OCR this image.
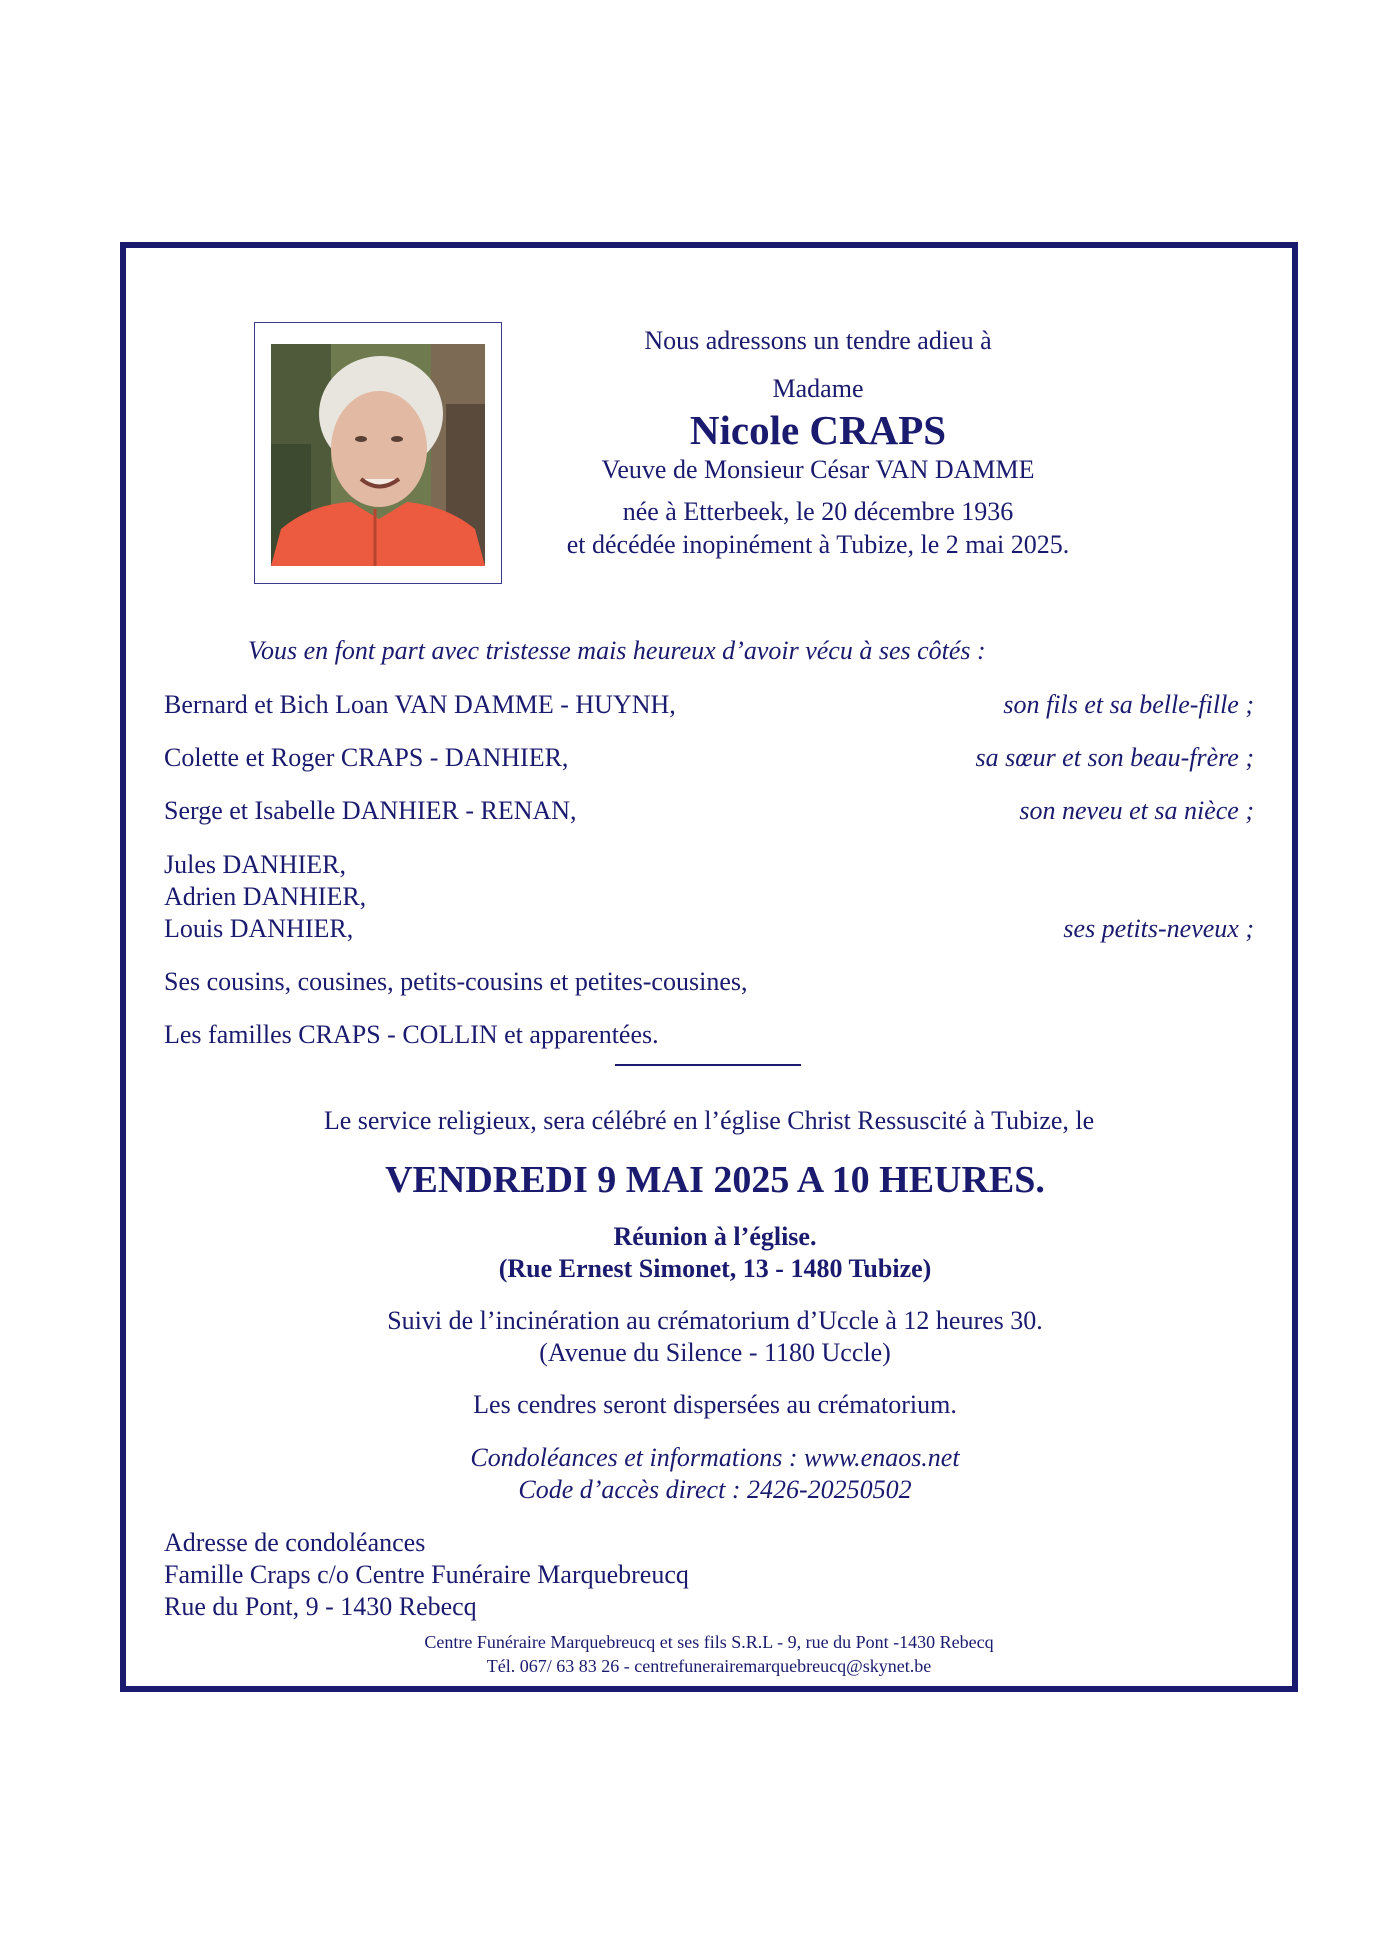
Nous adressons un tendre adieu à
Madame
Nicole CRAPS
Veuve de Monsieur César VAN DAMME
née à Etterbeek, le 20 décembre 1936
et décédée inopinément à Tubize, le 2 mai 2025.
Vous en font part avec tristesse mais heureux d’avoir vécu à ses côtés :
Bernard et Bich Loan VAN DAMME - HUYNH,	son fils et sa belle-fille ;
Colette et Roger CRAPS - DANHIER,	sa sœur et son beau-frère ;
Serge et Isabelle DANHIER - RENAN,	son neveu et sa nièce ;
Jules DANHIER,
Adrien DANHIER,
Louis DANHIER,	ses petits-neveux ;
Ses cousins, cousines, petits-cousins et petites-cousines,
Les familles CRAPS - COLLIN et apparentées.
Le service religieux, sera célébré en l’église Christ Ressuscité à Tubize, le
VENDREDI 9 MAI 2025 A 10 HEURES.
Réunion à l’église.
(Rue Ernest Simonet, 13 - 1480 Tubize)
Suivi de l’incinération au crématorium d’Uccle à 12 heures 30.
(Avenue du Silence - 1180 Uccle)
Les cendres seront dispersées au crématorium.
Condoléances et informations : www.enaos.net
Code d’accès direct : 2426-20250502
Adresse de condoléances
Famille Craps c/o Centre Funéraire Marquebreucq
Rue du Pont, 9 - 1430 Rebecq
Centre Funéraire Marquebreucq et ses fils S.R.L - 9, rue du Pont -1430 Rebecq
Tél. 067/ 63 83 26 - centrefunerairemarquebreucq@skynet.be
